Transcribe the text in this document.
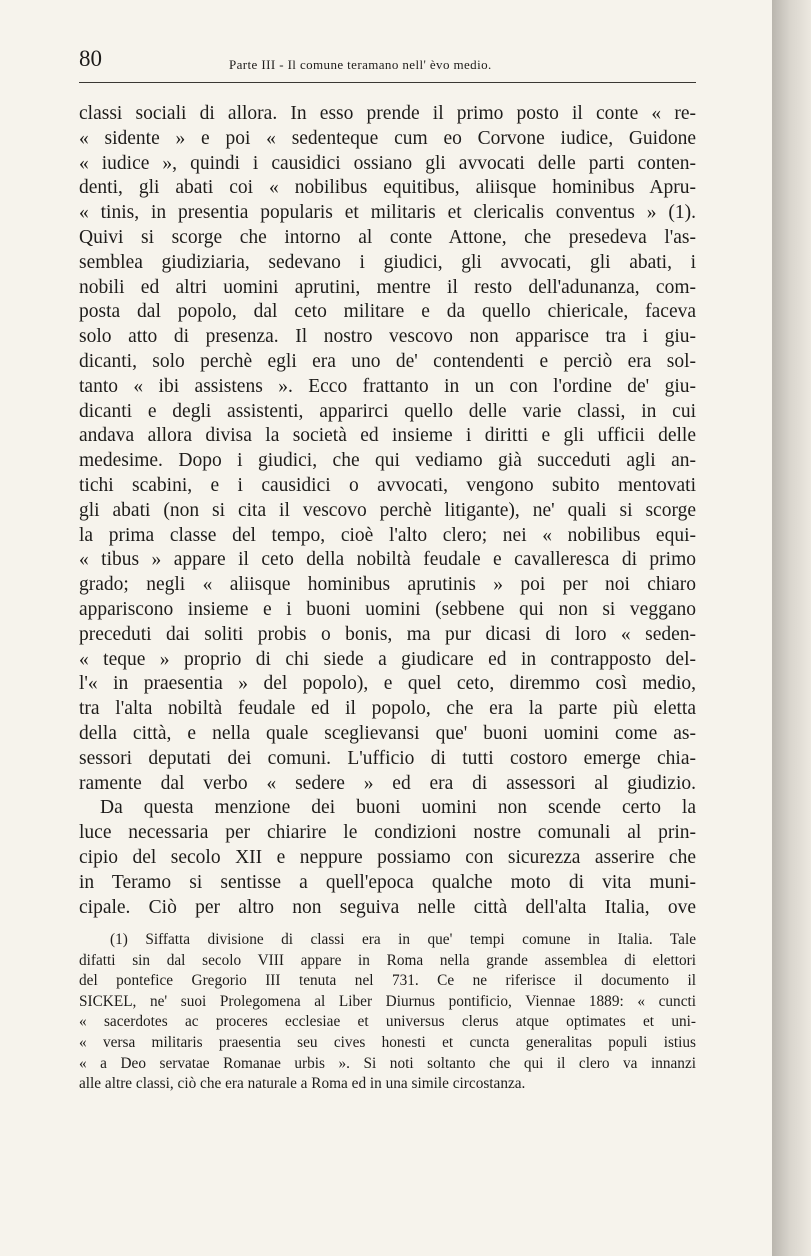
80	Parte III - Il comune teramano nell' èvo medio.
classi sociali di allora. In esso prende il primo posto il conte « re-
« sidente » e poi « sedenteque cum eo Corvone iudice, Guidone
« iudice », quindi i causidici ossiano gli avvocati delle parti conten-
denti, gli abati coi « nobilibus equitibus, aliisque hominibus Apru-
« tinis, in presentia popularis et militaris et clericalis conventus » (1).
Quivi si scorge che intorno al conte Attone, che presedeva l'as-
semblea giudiziaria, sedevano i giudici, gli avvocati, gli abati, i
nobili ed altri uomini aprutini, mentre il resto dell'adunanza, com-
posta dal popolo, dal ceto militare e da quello chiericale, faceva
solo atto di presenza. Il nostro vescovo non apparisce tra i giu-
dicanti, solo perchè egli era uno de' contendenti e perciò era sol-
tanto « ibi assistens ». Ecco frattanto in un con l'ordine de' giu-
dicanti e degli assistenti, apparirci quello delle varie classi, in cui
andava allora divisa la società ed insieme i diritti e gli ufficii delle
medesime. Dopo i giudici, che qui vediamo già succeduti agli an-
tichi scabini, e i causidici o avvocati, vengono subito mentovati
gli abati (non si cita il vescovo perchè litigante), ne' quali si scorge
la prima classe del tempo, cioè l'alto clero; nei « nobilibus equi-
« tibus » appare il ceto della nobiltà feudale e cavalleresca di primo
grado; negli « aliisque hominibus aprutinis » poi per noi chiaro
appariscono insieme e i buoni uomini (sebbene qui non si veggano
preceduti dai soliti probis o bonis, ma pur dicasi di loro « seden-
« teque » proprio di chi siede a giudicare ed in contrapposto del-
l'« in praesentia » del popolo), e quel ceto, diremmo così medio,
tra l'alta nobiltà feudale ed il popolo, che era la parte più eletta
della città, e nella quale sceglievansi que' buoni uomini come as-
sessori deputati dei comuni. L'ufficio di tutti costoro emerge chia-
ramente dal verbo « sedere » ed era di assessori al giudizio.
Da questa menzione dei buoni uomini non scende certo la
luce necessaria per chiarire le condizioni nostre comunali al prin-
cipio del secolo XII e neppure possiamo con sicurezza asserire che
in Teramo si sentisse a quell'epoca qualche moto di vita muni-
cipale. Ciò per altro non seguiva nelle città dell'alta Italia, ove
(1) Siffatta divisione di classi era in que' tempi comune in Italia. Tale
difatti sin dal secolo VIII appare in Roma nella grande assemblea di elettori
del pontefice Gregorio III tenuta nel 731. Ce ne riferisce il documento il
SICKEL, ne' suoi Prolegomena al Liber Diurnus pontificio, Viennae 1889: « cuncti
« sacerdotes ac proceres ecclesiae et universus clerus atque optimates et uni-
« versa militaris praesentia seu cives honesti et cuncta generalitas populi istius
« a Deo servatae Romanae urbis ». Si noti soltanto che qui il clero va innanzi
alle altre classi, ciò che era naturale a Roma ed in una simile circostanza.
